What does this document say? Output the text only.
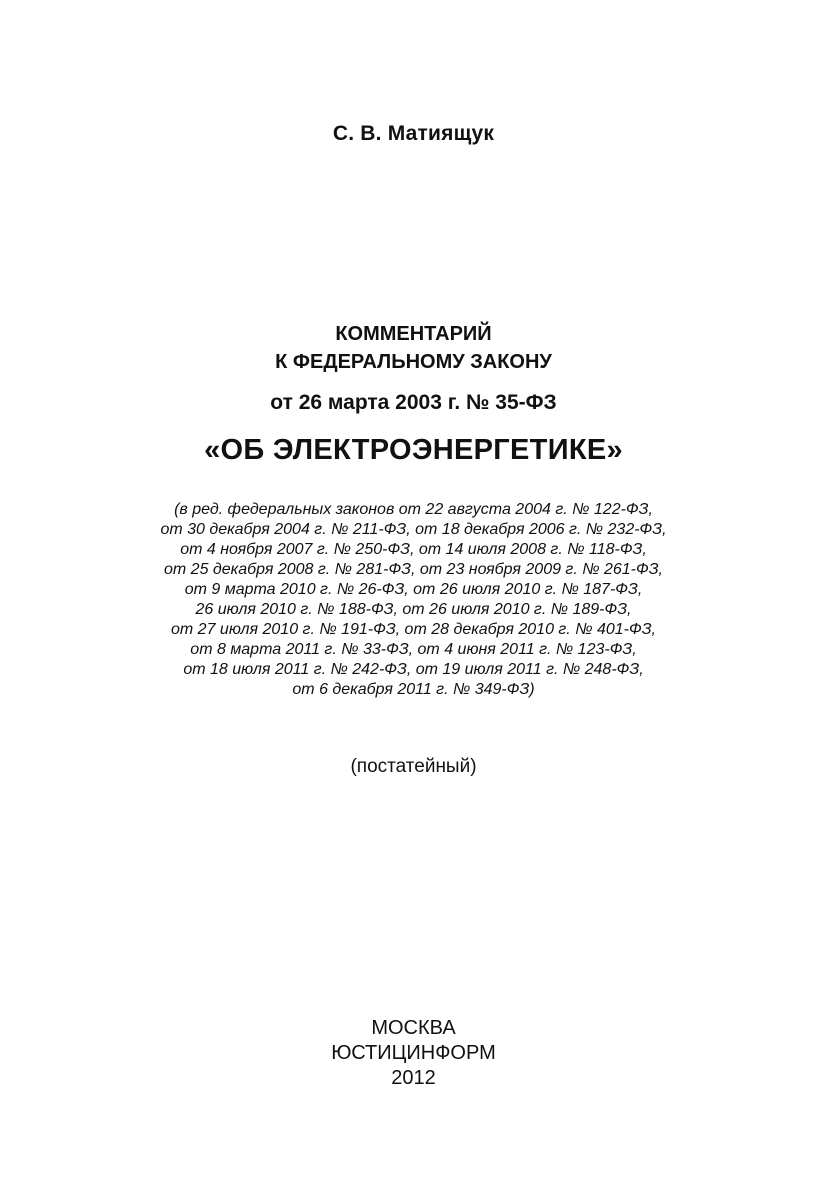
С. В. Матиящук
КОММЕНТАРИЙ
К ФЕДЕРАЛЬНОМУ ЗАКОНУ
от 26 марта 2003 г. № 35-ФЗ
«ОБ ЭЛЕКТРОЭНЕРГЕТИКЕ»
(в ред. федеральных законов от 22 августа 2004 г. № 122-ФЗ,
от 30 декабря 2004 г. № 211-ФЗ, от 18 декабря 2006 г. № 232-ФЗ,
от 4 ноября 2007 г. № 250-ФЗ, от 14 июля 2008 г. № 118-ФЗ,
от 25 декабря 2008 г. № 281-ФЗ, от 23 ноября 2009 г. № 261-ФЗ,
от 9 марта 2010 г. № 26-ФЗ, от 26 июля 2010 г. № 187-ФЗ,
26 июля 2010 г. № 188-ФЗ, от 26 июля 2010 г. № 189-ФЗ,
от 27 июля 2010 г. № 191-ФЗ, от 28 декабря 2010 г. № 401-ФЗ,
от 8 марта 2011 г. № 33-ФЗ, от 4 июня 2011 г. № 123-ФЗ,
от 18 июля 2011 г. № 242-ФЗ, от 19 июля 2011 г. № 248-ФЗ,
от 6 декабря 2011 г. № 349-ФЗ)
(постатейный)
МОСКВА
ЮСТИЦИНФОРМ
2012
